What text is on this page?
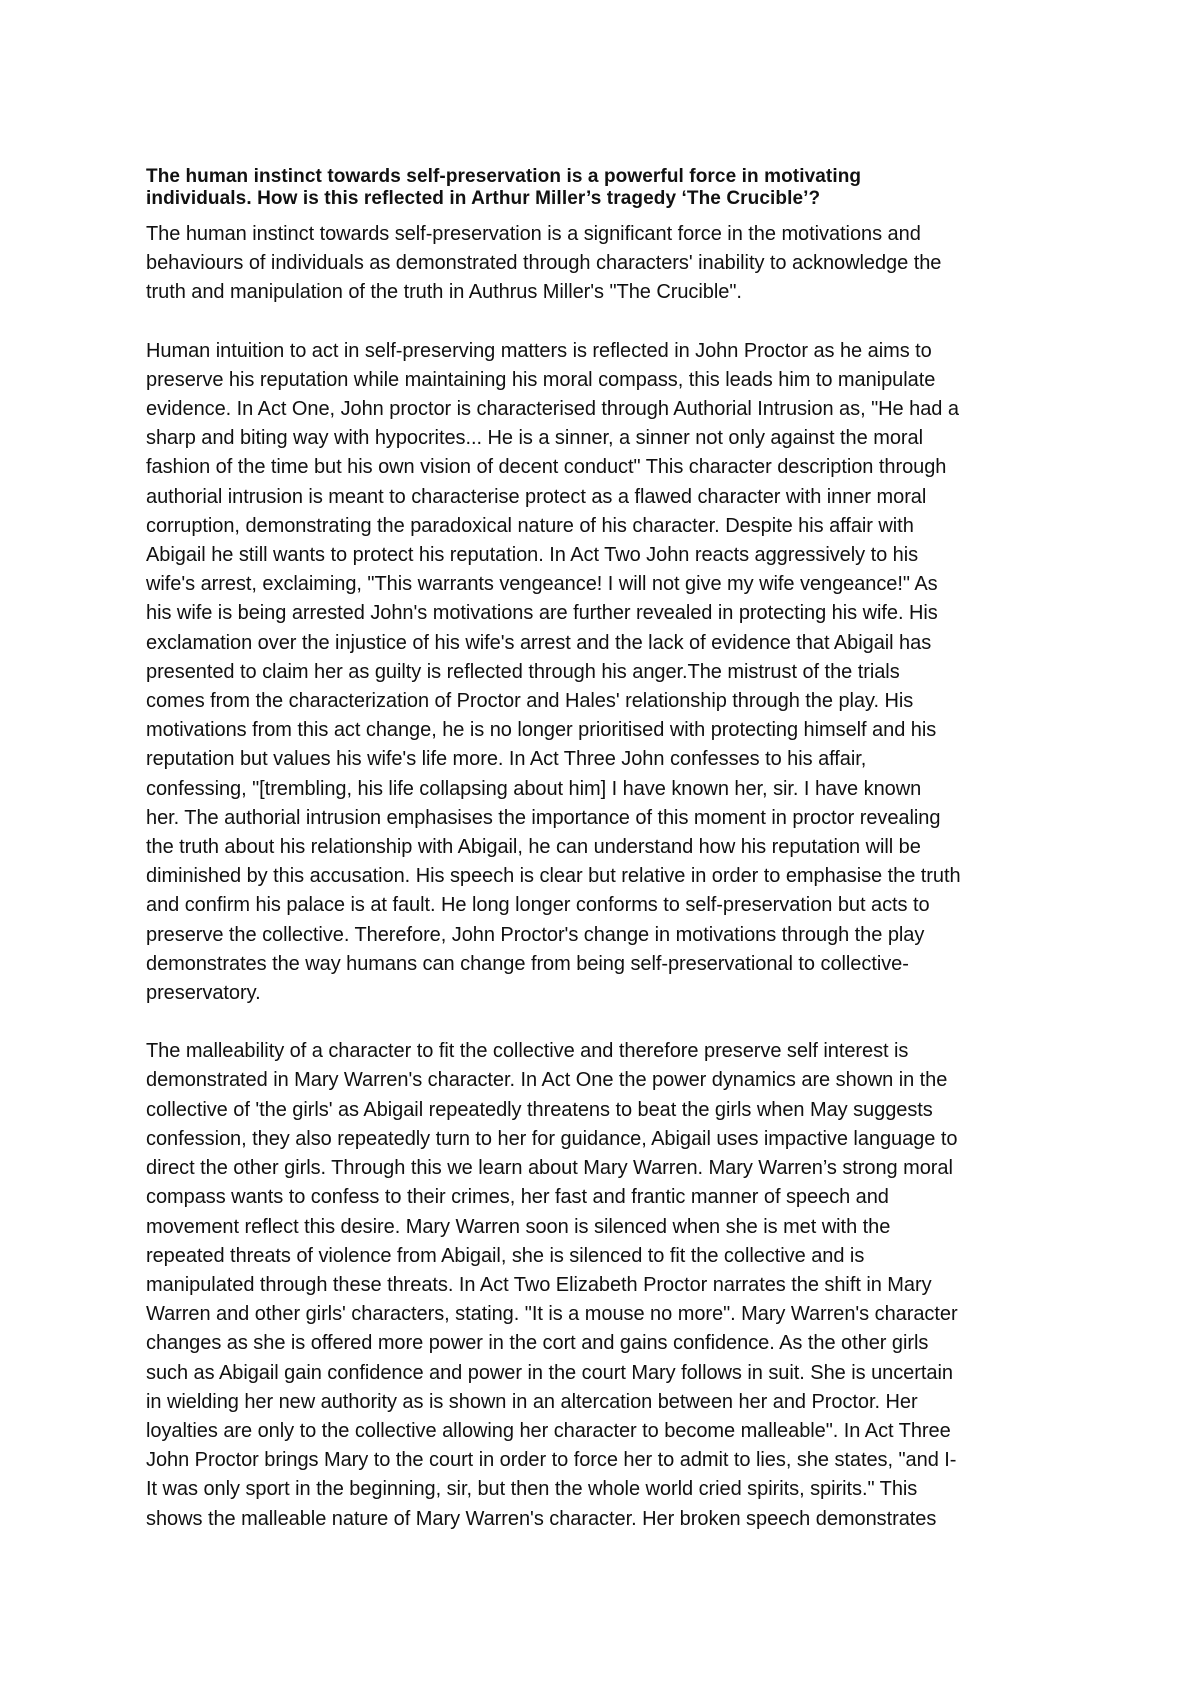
The human instinct towards self-preservation is a powerful force in motivating
individuals. How is this reflected in Arthur Miller’s tragedy ‘The Crucible’?

The human instinct towards self-preservation is a significant force in the motivations and
behaviours of individuals as demonstrated through characters' inability to acknowledge the
truth and manipulation of the truth in Authrus Miller's "The Crucible".

Human intuition to act in self-preserving matters is reflected in John Proctor as he aims to
preserve his reputation while maintaining his moral compass, this leads him to manipulate
evidence. In Act One, John proctor is characterised through Authorial Intrusion as, "He had a
sharp and biting way with hypocrites... He is a sinner, a sinner not only against the moral
fashion of the time but his own vision of decent conduct" This character description through
authorial intrusion is meant to characterise protect as a flawed character with inner moral
corruption, demonstrating the paradoxical nature of his character. Despite his affair with
Abigail he still wants to protect his reputation. In Act Two John reacts aggressively to his
wife's arrest, exclaiming, "This warrants vengeance! I will not give my wife vengeance!" As
his wife is being arrested John's motivations are further revealed in protecting his wife. His
exclamation over the injustice of his wife's arrest and the lack of evidence that Abigail has
presented to claim her as guilty is reflected through his anger.The mistrust of the trials
comes from the characterization of Proctor and Hales' relationship through the play. His
motivations from this act change, he is no longer prioritised with protecting himself and his
reputation but values his wife's life more. In Act Three John confesses to his affair,
confessing, "[trembling, his life collapsing about him] I have known her, sir. I have known
her. The authorial intrusion emphasises the importance of this moment in proctor revealing
the truth about his relationship with Abigail, he can understand how his reputation will be
diminished by this accusation. His speech is clear but relative in order to emphasise the truth
and confirm his palace is at fault. He long longer conforms to self-preservation but acts to
preserve the collective. Therefore, John Proctor's change in motivations through the play
demonstrates the way humans can change from being self-preservational to collective-
preservatory.

The malleability of a character to fit the collective and therefore preserve self interest is
demonstrated in Mary Warren's character. In Act One the power dynamics are shown in the
collective of 'the girls' as Abigail repeatedly threatens to beat the girls when May suggests
confession, they also repeatedly turn to her for guidance, Abigail uses impactive language to
direct the other girls. Through this we learn about Mary Warren. Mary Warren’s strong moral
compass wants to confess to their crimes, her fast and frantic manner of speech and
movement reflect this desire. Mary Warren soon is silenced when she is met with the
repeated threats of violence from Abigail, she is silenced to fit the collective and is
manipulated through these threats. In Act Two Elizabeth Proctor narrates the shift in Mary
Warren and other girls' characters, stating. "It is a mouse no more". Mary Warren's character
changes as she is offered more power in the cort and gains confidence. As the other girls
such as Abigail gain confidence and power in the court Mary follows in suit. She is uncertain
in wielding her new authority as is shown in an altercation between her and Proctor. Her
loyalties are only to the collective allowing her character to become malleable". In Act Three
John Proctor brings Mary to the court in order to force her to admit to lies, she states, "and I-
It was only sport in the beginning, sir, but then the whole world cried spirits, spirits." This
shows the malleable nature of Mary Warren's character. Her broken speech demonstrates
